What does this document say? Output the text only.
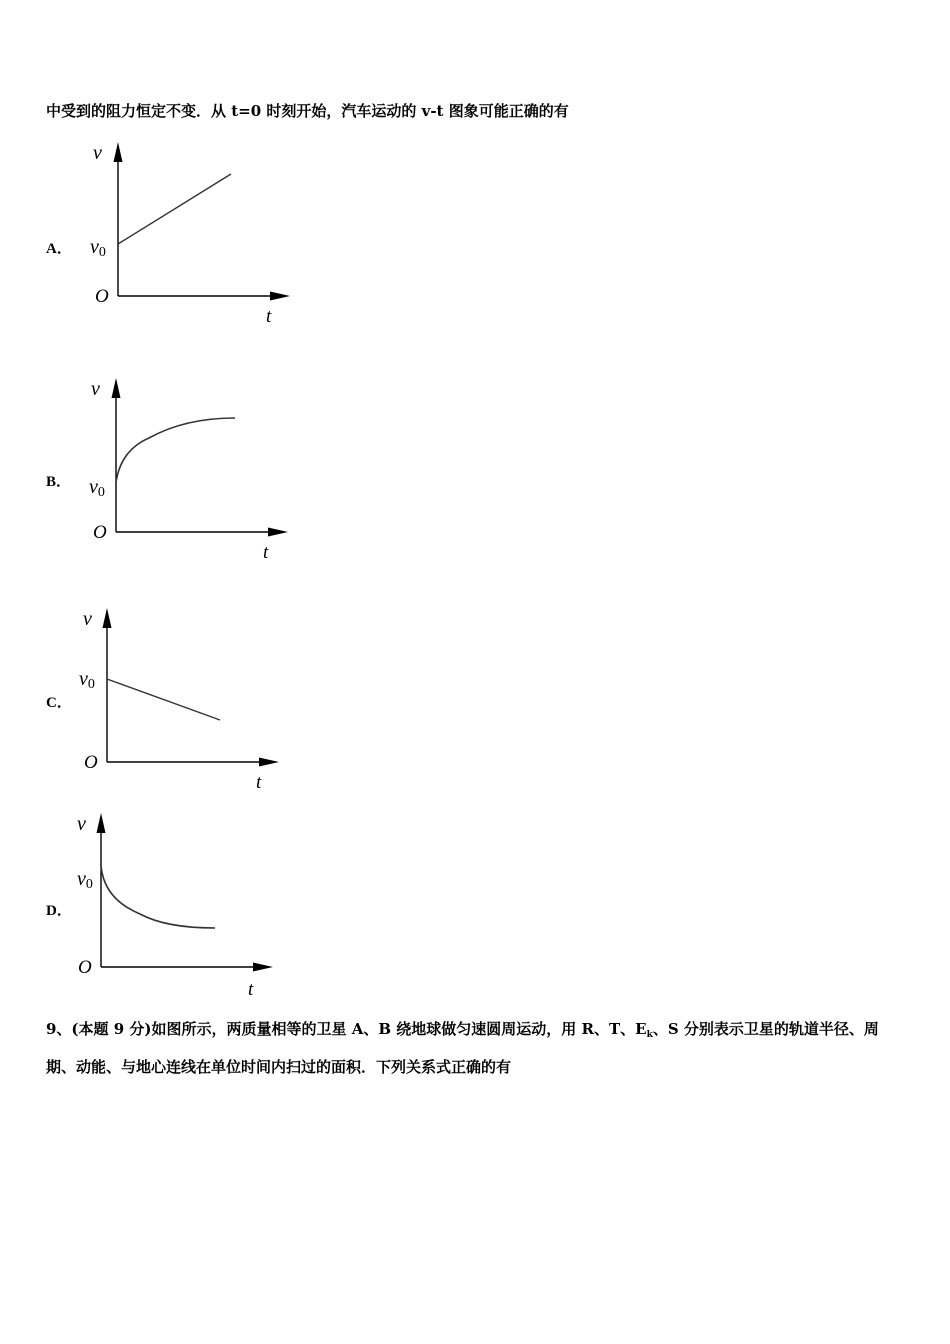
中受到的阻力恒定不变．从 t=0 时刻开始，汽车运动的 v-t 图象可能正确的有
A．
v
v0
O
t
B．
v
v0
O
t
C．
v
v0
O
t
D．
v
v0
O
t
9、(本题 9 分)如图所示，两质量相等的卫星 A、B 绕地球做匀速圆周运动，用 R、T、$E_k$、S 分别表示卫星的轨道半径、周
期、动能、与地心连线在单位时间内扫过的面积．下列关系式正确的有
